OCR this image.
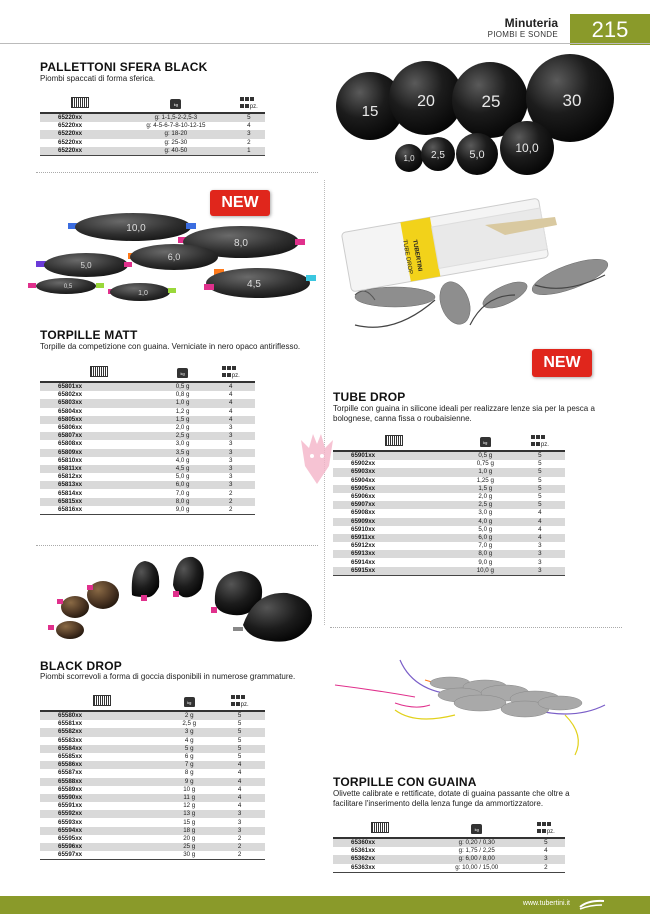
Minuteria
PIOMBI E SONDE	215
PALLETTONI SFERA BLACK
Piombi spaccati di forma sferica.
	kg	pz.
65220xx	g: 1-1,5-2-2,5-3	5
65220xx	g: 4-5-6-7-8-10-12-15	4
65220xx	g: 18-20	3
65220xx	g: 25-30	2
65220xx	g: 40-50	1
15
20	25	30
1,0 2,5 5,0	10,0
10,0
8,0
5,0
6,0
0,5
1,0
4,5
NEW
TORPILLE MATT
Torpille da competizione con guaina. Verniciate in nero opaco antiriflesso.
	kg	pz.
65801xx	0,5 g	4
65802xx	0,8 g	4
65803xx	1,0 g	4
65804xx	1,2 g	4
65805xx	1,5 g	4
65806xx	2,0 g	3
65807xx	2,5 g	3
65808xx	3,0 g	3
65809xx	3,5 g	3
65810xx	4,0 g	3
65811xx	4,5 g	3
65812xx	5,0 g	3
65813xx	6,0 g	3
65814xx	7,0 g	2
65815xx	8,0 g	2
65816xx	9,0 g	2
TUBERTINI
TUBE DROP
NEW
TUBE DROP
Torpille con guaina in silicone ideali per realizzare lenze sia per la pesca a bolognese, canna fissa o roubaisienne.
	kg	pz.
65901xx	0,5 g	5
65902xx	0,75 g	5
65903xx	1,0 g	5
65904xx	1,25 g	5
65905xx	1,5 g	5
65906xx	2,0 g	5
65907xx	2,5 g	5
65908xx	3,0 g	4
65909xx	4,0 g	4
65910xx	5,0 g	4
65911xx	6,0 g	4
65912xx	7,0 g	3
65913xx	8,0 g	3
65914xx	9,0 g	3
65915xx	10,0 g	3
BLACK DROP
Piombi scorrevoli a forma di goccia disponibili in numerose grammature.
	kg	pz.
65580xx	2 g	5
65581xx	2,5 g	5
65582xx	3 g	5
65583xx	4 g	5
65584xx	5 g	5
65585xx	6 g	5
65586xx	7 g	4
65587xx	8 g	4
65588xx	9 g	4
65589xx	10 g	4
65590xx	11 g	4
65591xx	12 g	4
65592xx	13 g	3
65593xx	15 g	3
65594xx	18 g	3
65595xx	20 g	2
65596xx	25 g	2
65597xx	30 g	2
TORPILLE CON GUAINA
Olivette calibrate e rettificate, dotate di guaina passante che oltre a facilitare l'inserimento della lenza funge da ammortizzatore.
	kg	pz.
65360xx	g: 0,20 / 0,30	5
65361xx	g: 1,75 / 2,25	4
65362xx	g: 6,00 / 8,00	3
65363xx	g: 10,00 / 15,00	2
www.tubertini.it
